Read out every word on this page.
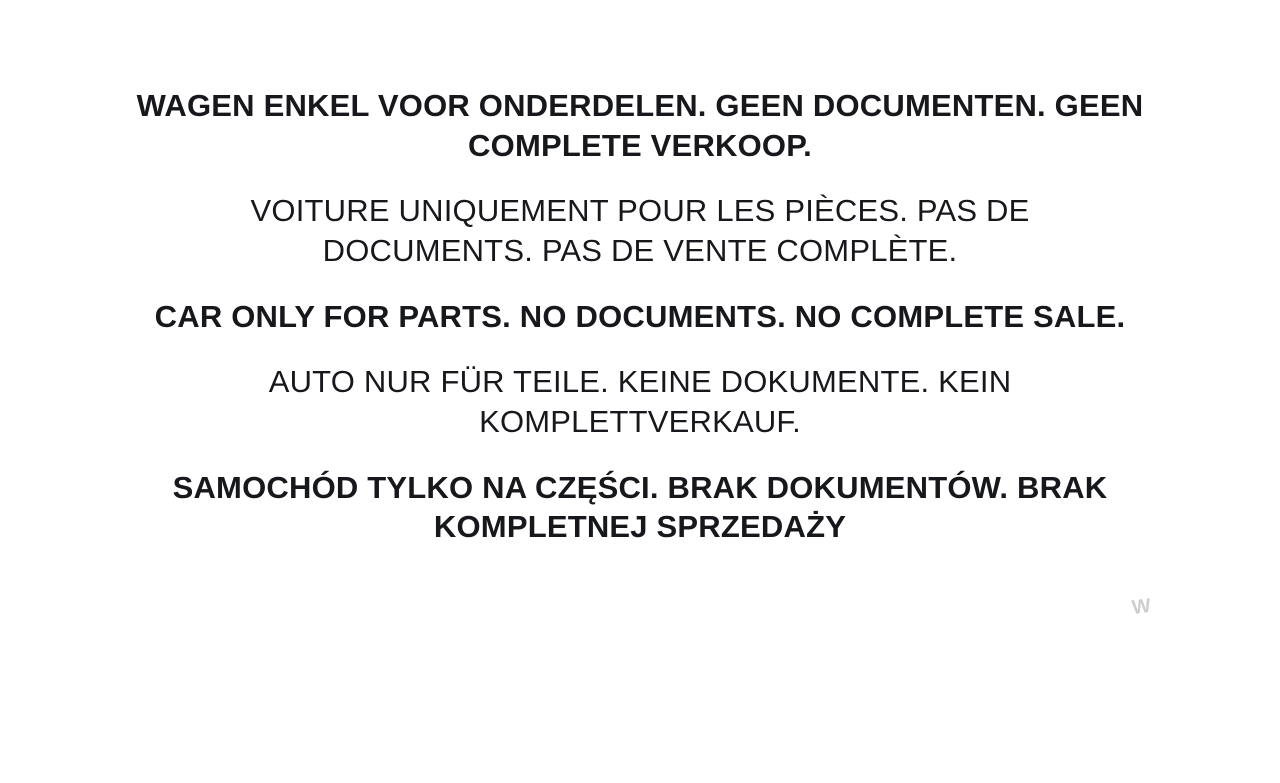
WAGEN ENKEL VOOR ONDERDELEN. GEEN DOCUMENTEN. GEEN COMPLETE VERKOOP.

VOITURE UNIQUEMENT POUR LES PIÈCES. PAS DE DOCUMENTS. PAS DE VENTE COMPLÈTE.

CAR ONLY FOR PARTS. NO DOCUMENTS. NO COMPLETE SALE.

AUTO NUR FÜR TEILE. KEINE DOKUMENTE. KEIN KOMPLETTVERKAUF.

SAMOCHÓD TYLKO NA CZĘŚCI. BRAK DOKUMENTÓW. BRAK KOMPLETNEJ SPRZEDAŻY

W
